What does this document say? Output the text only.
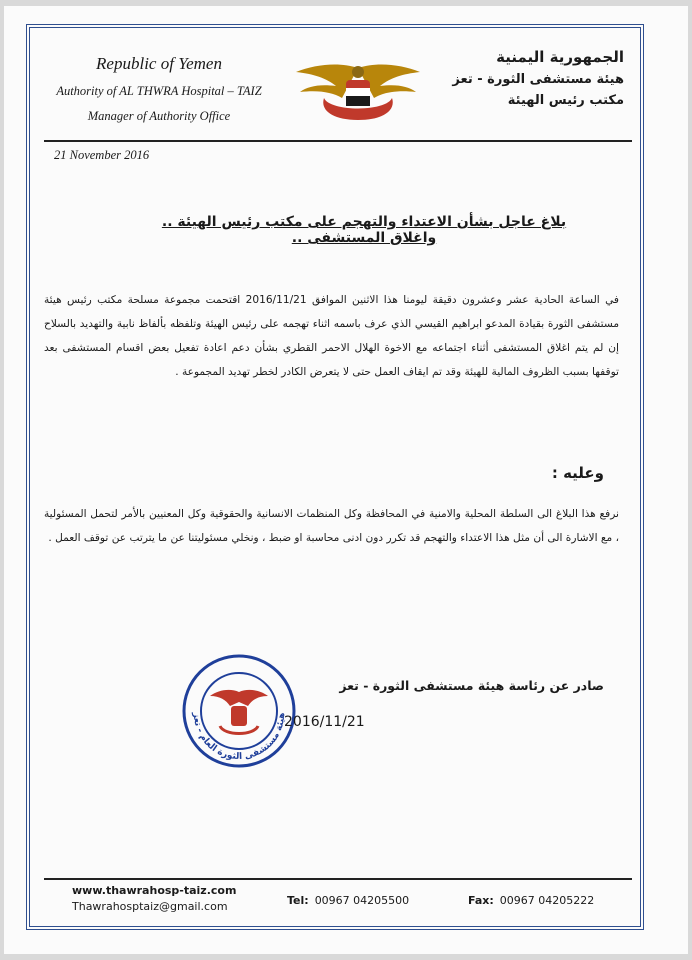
Republic of Yemen
Authority of AL THWRA Hospital – TAIZ
Manager of Authority Office
الجمهورية اليمنية
هيئة مستشفى الثورة - تعز
مكتب رئيس الهيئة
21 November 2016
بلاغ عاجل بشأن الاعتداء والتهجم على مكتب رئيس الهيئة .. واغلاق المستشفى ..
في الساعة الحادية عشر وعشرون دقيقة ليومنا هذا الاثنين الموافق 2016/11/21 اقتحمت مجموعة مسلحة مكتب رئيس هيئة مستشفى الثورة بقيادة المدعو ابراهيم القيسي الذي عرف باسمه اثناء تهجمه على رئيس الهيئة وتلفظه بألفاظ نابية والتهديد بالسلاح إن لم يتم اغلاق المستشفى أثناء اجتماعه مع الاخوة الهلال الاحمر القطري بشأن دعم اعادة تفعيل بعض اقسام المستشفى بعد توقفها بسبب الظروف المالية للهيئة وقد تم ايقاف العمل حتى لا يتعرض الكادر لخطر تهديد المجموعة .
وعليه :
نرفع هذا البلاغ الى السلطة المحلية والامنية في المحافظة وكل المنظمات الانسانية والحقوقية وكل المعنيين بالأمر لتحمل المسئولية ، مع الاشارة الى أن مثل هذا الاعتداء والتهجم قد تكرر دون ادنى محاسبة او ضبط ، ونخلي مسئوليتنا عن ما يترتب عن توقف العمل .
هيئة مستشفى الثورة العام - تعز
صادر عن رئاسة هيئة مستشفى الثورة - تعز
2016/11/21
www.thawrahosp-taiz.com
Thawrahosptaiz@gmail.com	Tel: 00967 04205500	Fax: 00967 04205222
